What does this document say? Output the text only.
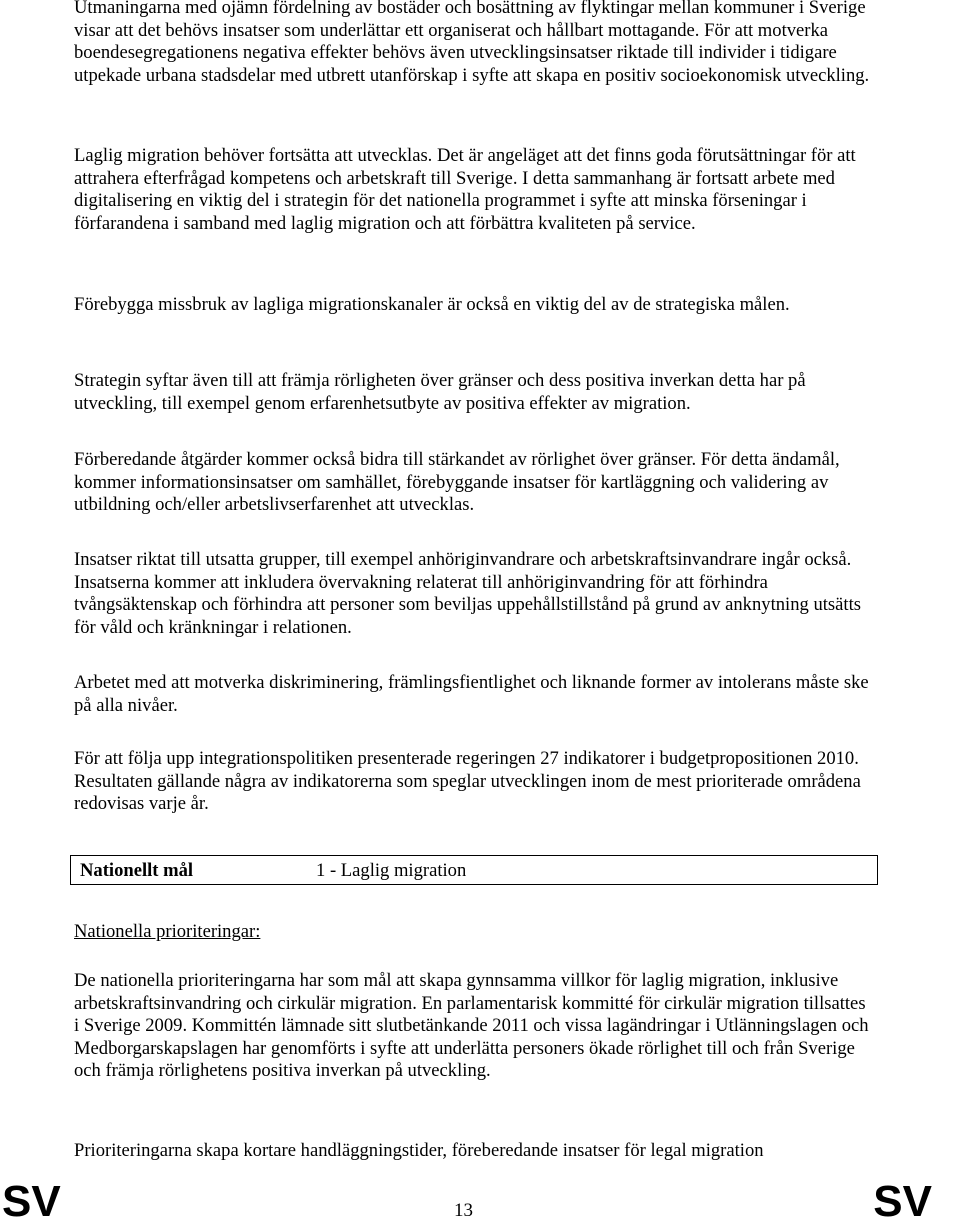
Utmaningarna med ojämn fördelning av bostäder och bosättning av flyktingar mellan kommuner i Sverige visar att det behövs insatser som underlättar ett organiserat och hållbart mottagande. För att motverka boendesegregationens negativa effekter behövs även utvecklingsinsatser riktade till individer i tidigare utpekade urbana stadsdelar med utbrett utanförskap i syfte att skapa en positiv socioekonomisk utveckling.

Laglig migration behöver fortsätta att utvecklas. Det är angeläget att det finns goda förutsättningar för att attrahera efterfrågad kompetens och arbetskraft till Sverige. I detta sammanhang är fortsatt arbete med digitalisering en viktig del i strategin för det nationella programmet i syfte att minska förseningar i förfarandena i samband med laglig migration och att förbättra kvaliteten på service.

Förebygga missbruk av lagliga migrationskanaler är också en viktig del av de strategiska målen.

Strategin syftar även till att främja rörligheten över gränser och dess positiva inverkan detta har på utveckling, till exempel genom erfarenhetsutbyte av positiva effekter av migration.

Förberedande åtgärder kommer också bidra till stärkandet av rörlighet över gränser. För detta ändamål, kommer informationsinsatser om samhället, förebyggande insatser för kartläggning och validering av utbildning och/eller arbetslivserfarenhet att utvecklas.

Insatser riktat till utsatta grupper, till exempel anhöriginvandrare och arbetskraftsinvandrare ingår också. Insatserna kommer att inkludera övervakning relaterat till anhöriginvandring för att förhindra tvångsäktenskap och förhindra att personer som beviljas uppehållstillstånd på grund av anknytning utsätts för våld och kränkningar i relationen.

Arbetet med att motverka diskriminering, främlingsfientlighet och liknande former av intolerans måste ske på alla nivåer.

För att följa upp integrationspolitiken presenterade regeringen 27 indikatorer i budgetpropositionen 2010. Resultaten gällande några av indikatorerna som speglar utvecklingen inom de mest prioriterade områdena redovisas varje år.

Nationellt mål	1 - Laglig migration

Nationella prioriteringar:

De nationella prioriteringarna har som mål att skapa gynnsamma villkor för laglig migration, inklusive arbetskraftsinvandring och cirkulär migration. En parlamentarisk kommitté för cirkulär migration tillsattes i Sverige 2009. Kommittén lämnade sitt slutbetänkande 2011 och vissa lagändringar i Utlänningslagen och Medborgarskapslagen har genomförts i syfte att underlätta personers ökade rörlighet till och från Sverige och främja rörlighetens positiva inverkan på utveckling.

Prioriteringarna skapa kortare handläggningstider, föreberedande insatser för legal migration

SV	13	SV
